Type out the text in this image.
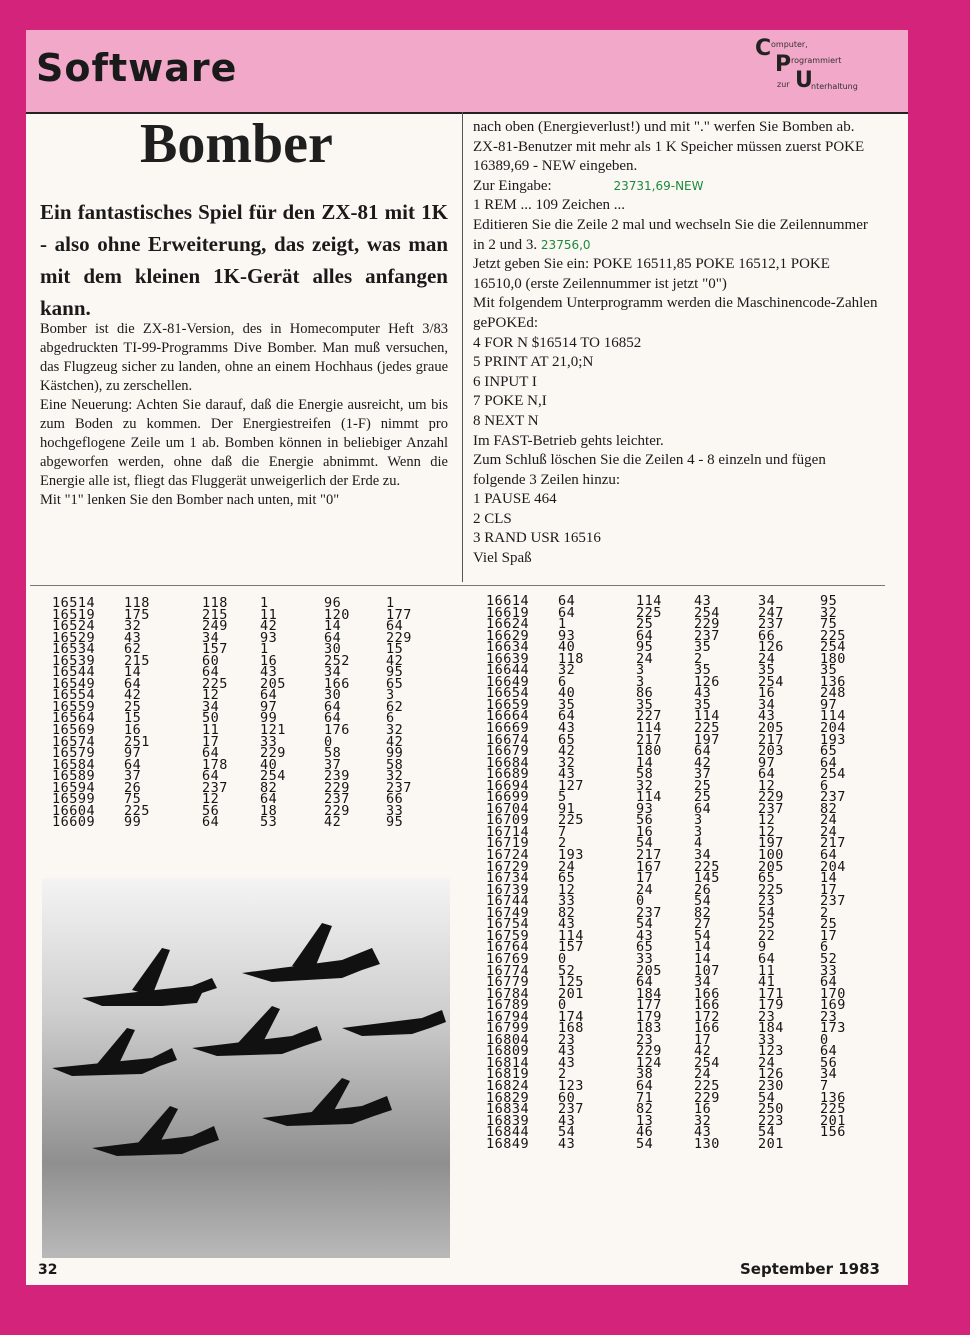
Software	C omputer,
P rogrammiert
zur U
nterhaltung
Bomber
Ein fantastisches Spiel für den ZX-81 mit 1K - also ohne Erweiterung, das zeigt, was man mit dem kleinen 1K-Gerät alles anfangen kann.

Bomber ist die ZX-81-Version, des in Homecomputer Heft 3/83 abgedruckten TI-99-Programms Dive Bomber. Man muß versuchen, das Flugzeug sicher zu landen, ohne an einem Hochhaus (jedes graue Kästchen), zu zerschellen.

Eine Neuerung: Achten Sie darauf, daß die Energie ausreicht, um bis zum Boden zu kommen. Der Energiestreifen (1-F) nimmt pro hochgeflogene Zeile um 1 ab. Bomben können in beliebiger Anzahl abgeworfen werden, ohne daß die Energie abnimmt. Wenn die Energie alle ist, fliegt das Fluggerät unweigerlich der Erde zu.

Mit "1" lenken Sie den Bomber nach unten, mit "0"

nach oben (Energieverlust!) und mit "." werfen Sie Bomben ab. ZX-81-Benutzer mit mehr als 1 K Speicher müssen zuerst POKE 16389,69 - NEW eingeben.

Zur Eingabe:	23731,69-NEW

1 REM ... 109 Zeichen ...

Editieren Sie die Zeile 2 mal und wechseln Sie die Zeilennummer in 2 und 3. 23756,0

Jetzt geben Sie ein: POKE 16511,85 POKE 16512,1 POKE 16510,0 (erste Zeilennummer ist jetzt "0")

Mit folgendem Unterprogramm werden die Maschinencode-Zahlen gePOKEd:

4 FOR N $16514 TO 16852

5 PRINT AT 21,0;N

6 INPUT I

7 POKE N,I

8 NEXT N

Im FAST-Betrieb gehts leichter.

Zum Schluß löschen Sie die Zeilen 4 - 8 einzeln und fügen folgende 3 Zeilen hinzu:

1 PAUSE 464

2 CLS

3 RAND USR 16516

Viel Spaß

16514	118	118	1	96	1
16519	175	215	11	120	177
16524	32	249	42	14	64
16529	43	34	93	64	229
16534	62	157	1	30	15
16539	215	60	16	252	42
16544	14	64	43	34	95
16549	64	225	205	166	65
16554	42	12	64	30	3
16559	25	34	97	64	62
16564	15	50	99	64	6
16569	16	11	121	176	32
16574	251	17	33	0	42
16579	97	64	229	58	99
16584	64	178	40	37	58
16589	37	64	254	239	32
16594	26	237	82	229	237
16599	75	12	64	237	66
16604	225	56	18	229	33
16609	99	64	53	42	95
16614	64	114	43	34	95
16619	64	225	254	247	32
16624	1	25	229	237	75
16629	93	64	237	66	225
16634	40	95	35	126	254
16639	118	24	2	24	180
16644	32	3	35	35	35
16649	6	3	126	254	136
16654	40	86	43	16	248
16659	35	35	35	34	97
16664	64	227	114	43	114
16669	43	114	225	205	204
16674	65	217	197	217	193
16679	42	180	64	203	65
16684	32	14	42	97	64
16689	43	58	37	64	254
16694	127	32	25	12	6
16699	5	114	25	229	237
16704	91	93	64	237	82
16709	225	56	3	12	24
16714	7	16	3	12	24
16719	2	54	4	197	217
16724	193	217	34	100	64
16729	24	167	225	205	204
16734	65	17	145	65	14
16739	12	24	26	225	17
16744	33	0	54	23	237
16749	82	237	82	54	2
16754	43	54	27	25	25
16759	114	43	54	22	17
16764	157	65	14	9	6
16769	0	33	14	64	52
16774	52	205	107	11	33
16779	125	64	34	41	64
16784	201	184	166	171	170
16789	0	177	166	179	169
16794	174	179	172	23	23
16799	168	183	166	184	173
16804	23	23	17	33	0
16809	43	229	42	123	64
16814	43	124	254	24	56
16819	2	38	24	126	34
16824	123	64	225	230	7
16829	60	71	229	54	136
16834	237	82	16	250	225
16839	43	13	32	223	201
16844	54	46	43	54	156
16849	43	54	130	201
32	September 1983
